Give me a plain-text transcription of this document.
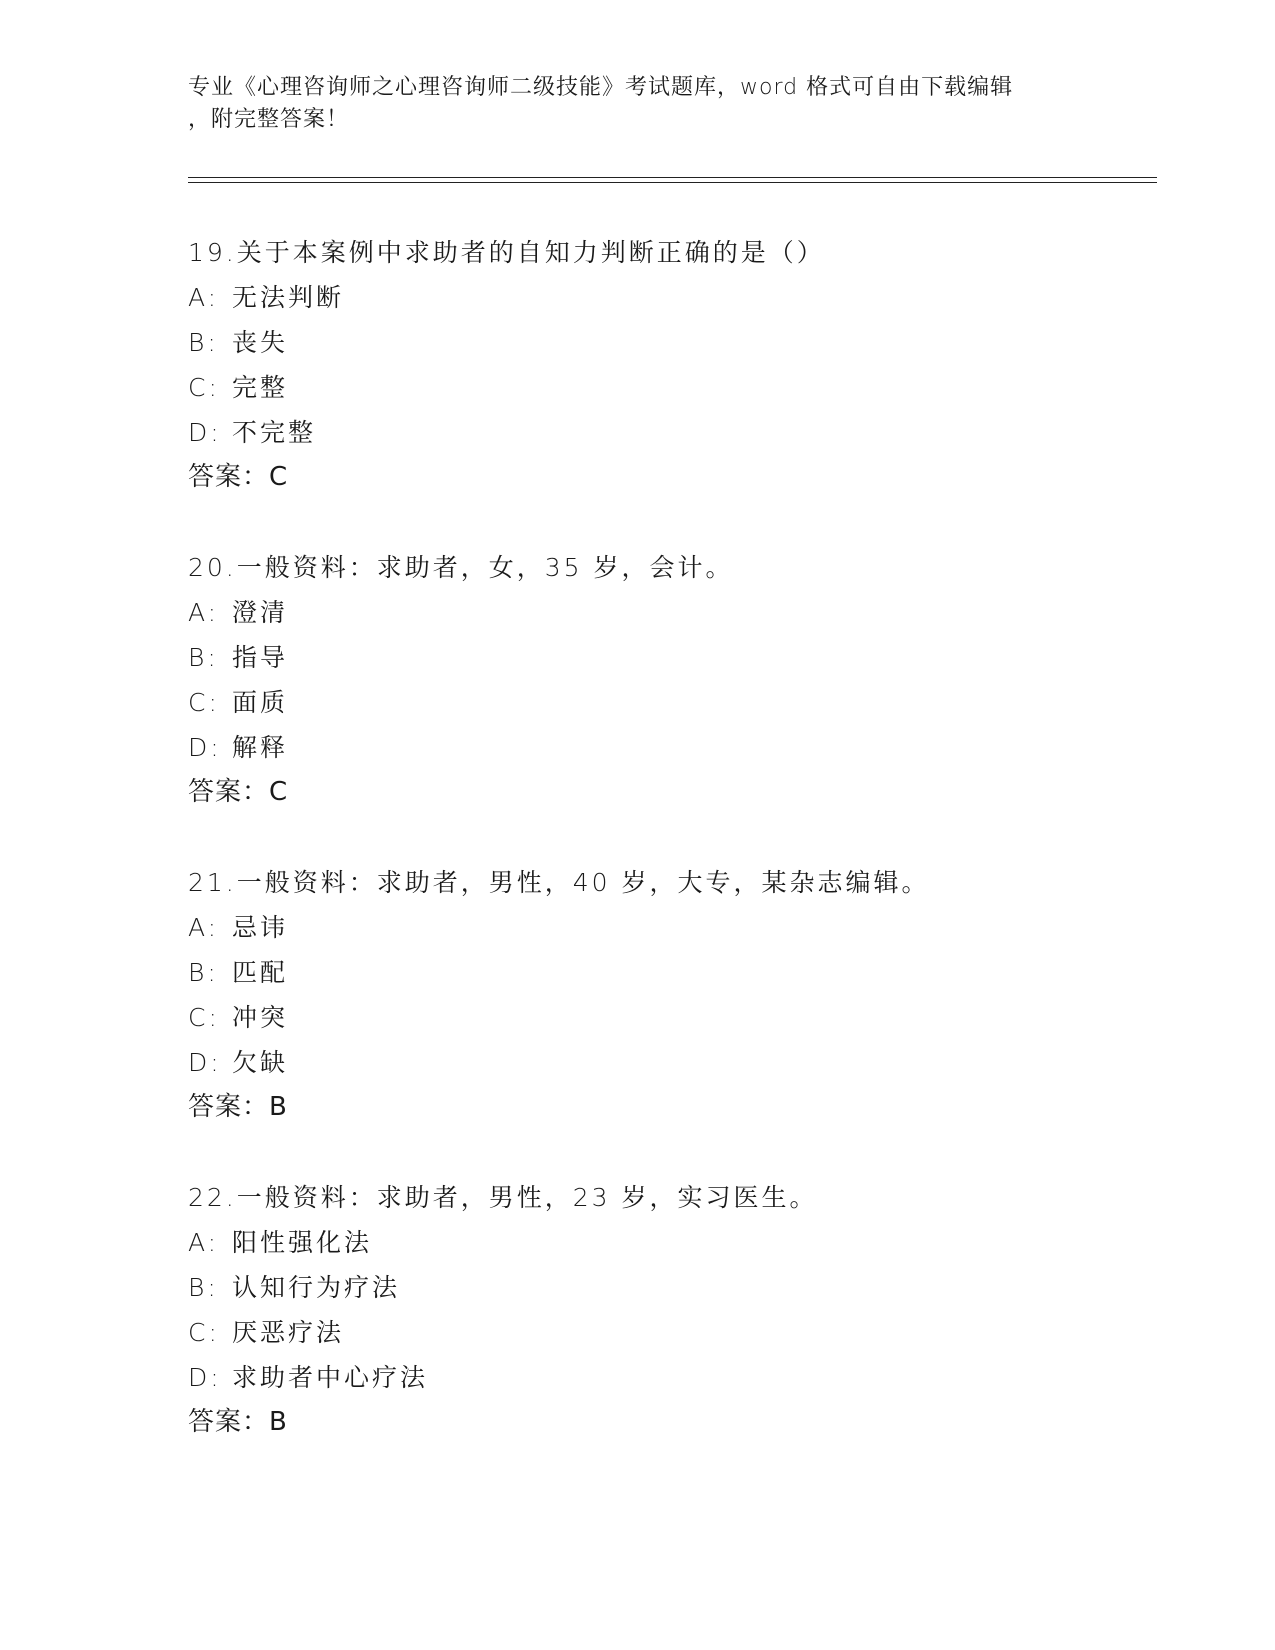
专业《心理咨询师之心理咨询师二级技能》考试题库，word 格式可自由下载编辑
，附完整答案！
19.关于本案例中求助者的自知力判断正确的是（）
A: 无法判断
B: 丧失
C: 完整
D: 不完整
答案：C
20.一般资料：求助者，女，35 岁，会计。
A: 澄清
B: 指导
C: 面质
D: 解释
答案：C
21.一般资料：求助者，男性，40 岁，大专，某杂志编辑。
A: 忌讳
B: 匹配
C: 冲突
D: 欠缺
答案：B
22.一般资料：求助者，男性，23 岁，实习医生。
A: 阳性强化法
B: 认知行为疗法
C: 厌恶疗法
D: 求助者中心疗法
答案：B
